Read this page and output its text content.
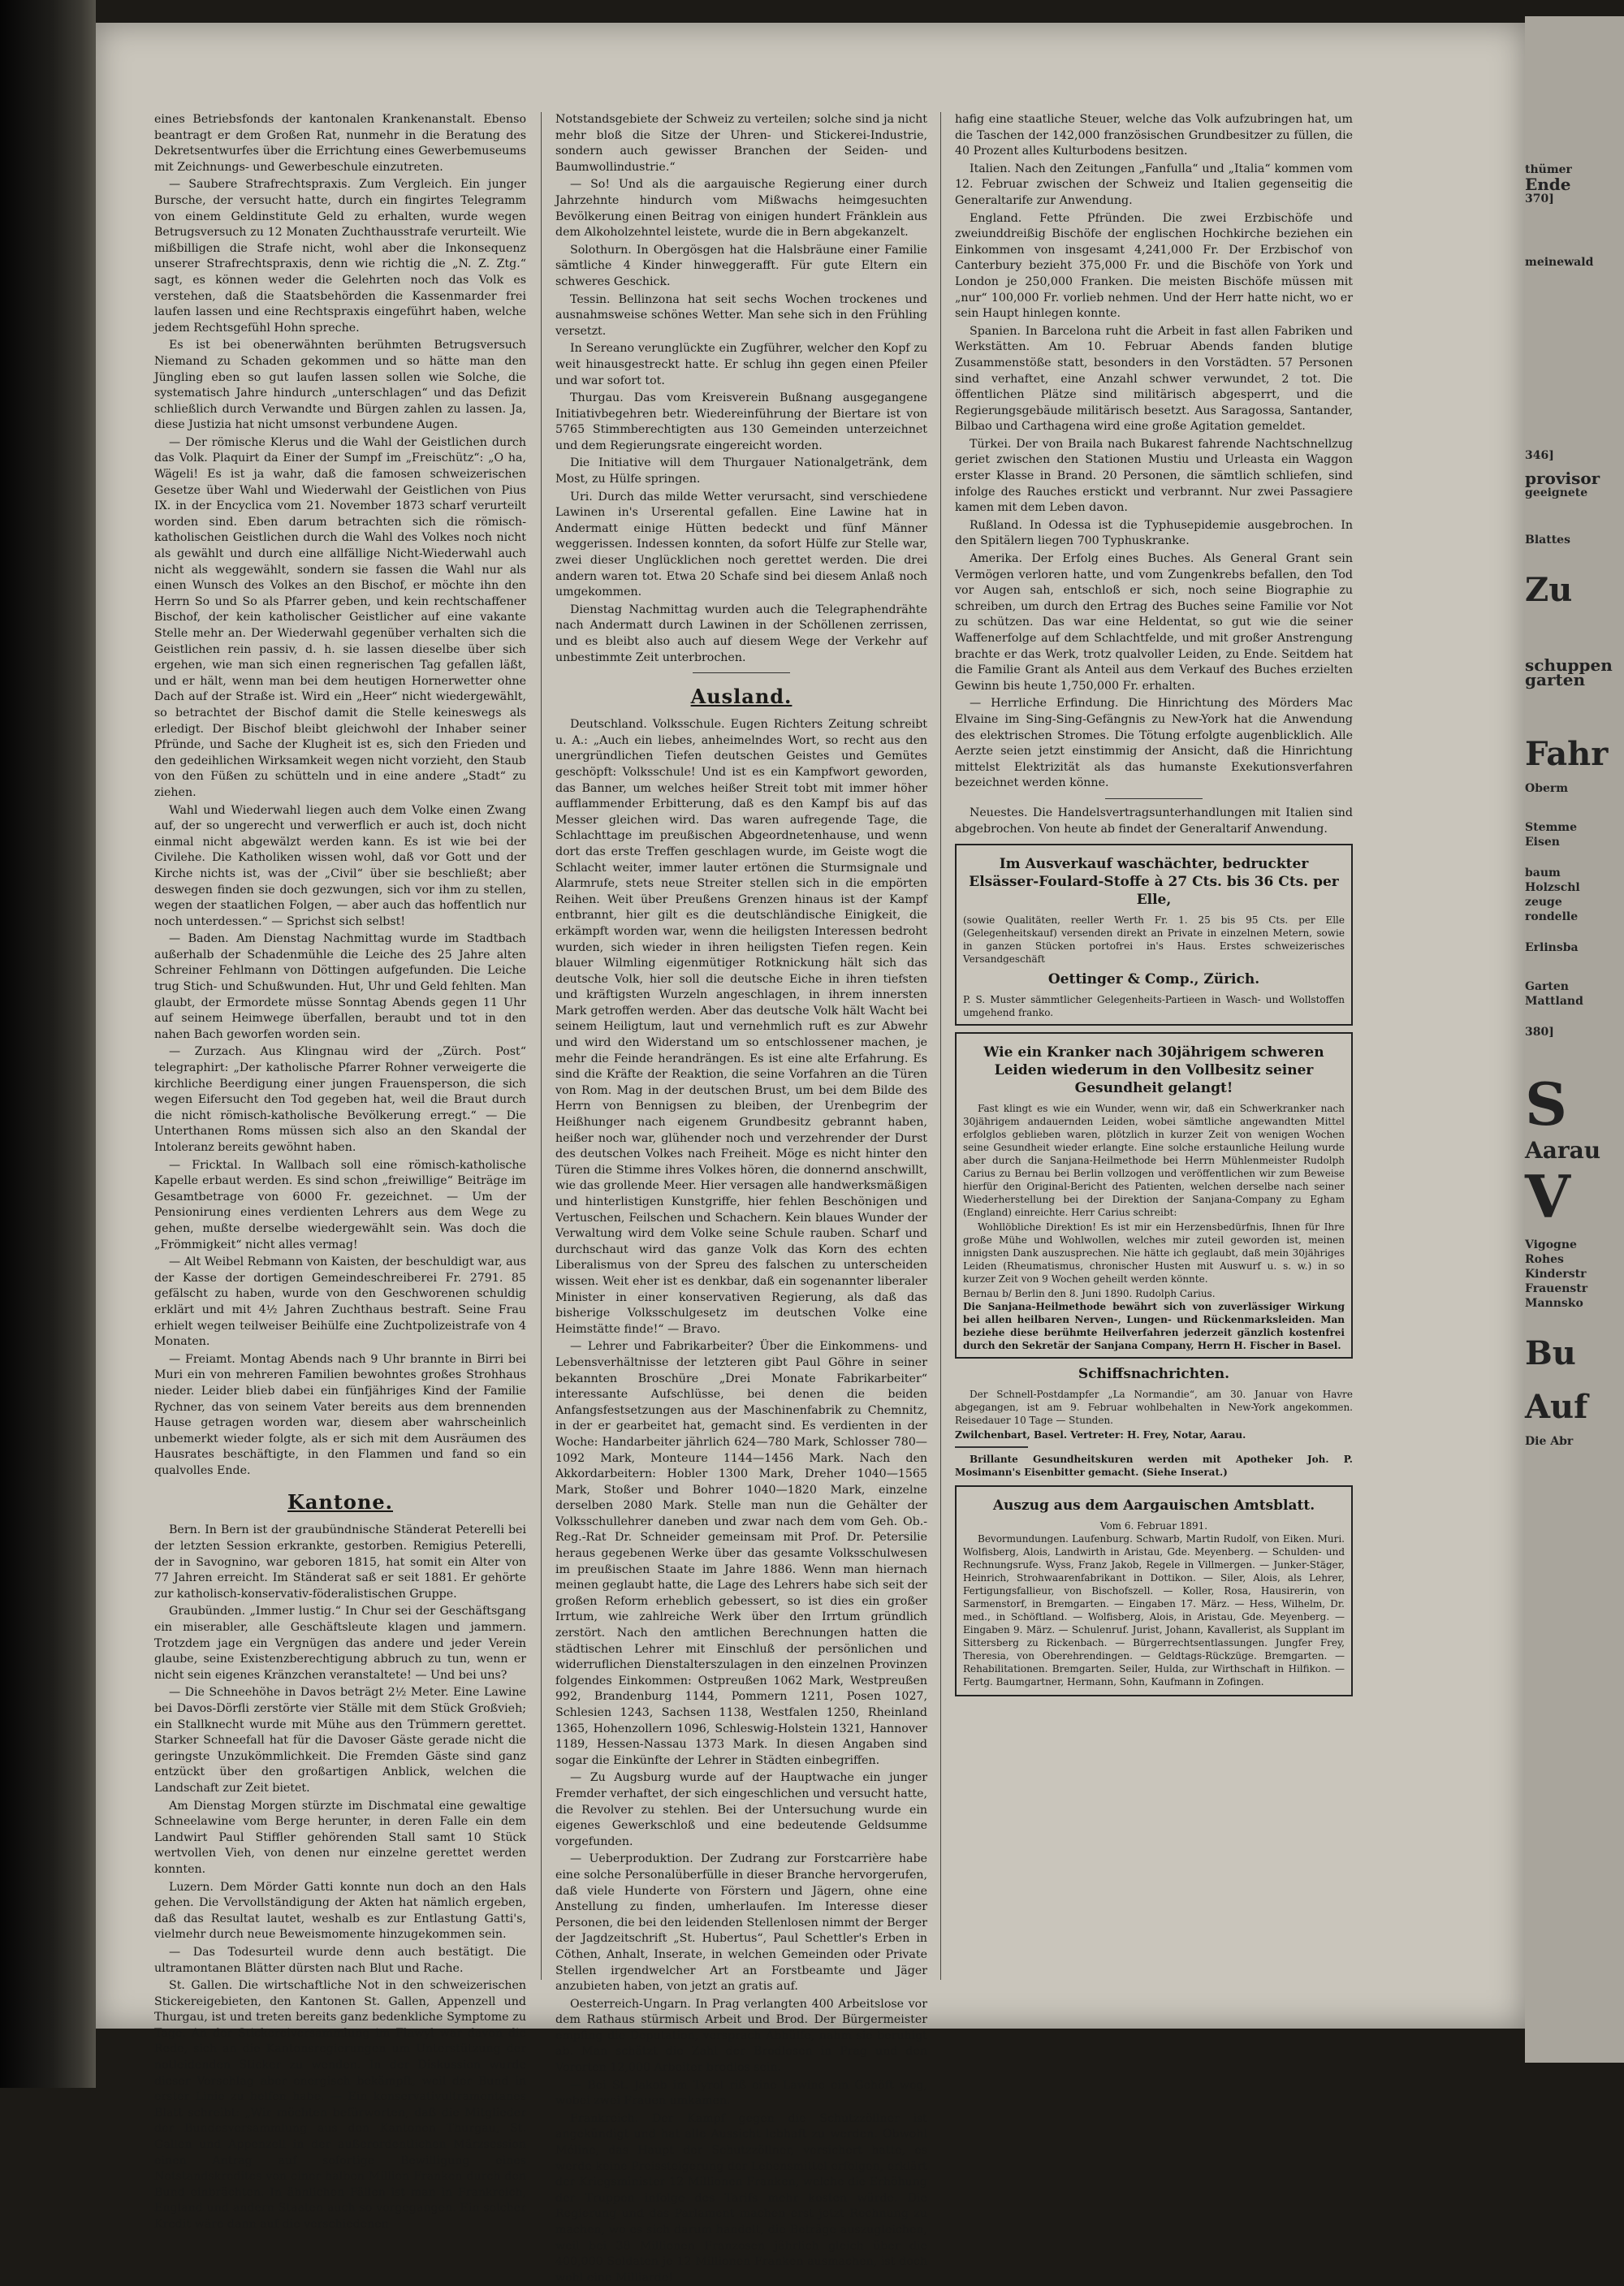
eines Betriebsfonds der kantonalen Krankenanstalt. Ebenso beantragt er dem Großen Rat, nunmehr in die Beratung des Dekretsentwurfes über die Errichtung eines Gewerbemuseums mit Zeichnungs- und Gewerbeschule einzutreten.

— Saubere Strafrechtspraxis. Zum Vergleich. Ein junger Bursche, der versucht hatte, durch ein fingirtes Telegramm von einem Geldinstitute Geld zu erhalten, wurde wegen Betrugsversuch zu 12 Monaten Zuchthausstrafe verurteilt. Wie mißbilligen die Strafe nicht, wohl aber die Inkonsequenz unserer Strafrechtspraxis, denn wie richtig die „N. Z. Ztg.“ sagt, es können weder die Gelehrten noch das Volk es verstehen, daß die Staatsbehörden die Kassenmarder frei laufen lassen und eine Rechtspraxis eingeführt haben, welche jedem Rechtsgefühl Hohn spreche.

Es ist bei obenerwähnten berühmten Betrugsversuch Niemand zu Schaden gekommen und so hätte man den Jüngling eben so gut laufen lassen sollen wie Solche, die systematisch Jahre hindurch „unterschlagen“ und das Defizit schließlich durch Verwandte und Bürgen zahlen zu lassen. Ja, diese Justizia hat nicht umsonst verbundene Augen.

— Der römische Klerus und die Wahl der Geistlichen durch das Volk. Plaquirt da Einer der Sumpf im „Freischütz“: „O ha, Wägeli! Es ist ja wahr, daß die famosen schweizerischen Gesetze über Wahl und Wiederwahl der Geistlichen von Pius IX. in der Encyclica vom 21. November 1873 scharf verurteilt worden sind. Eben darum betrachten sich die römisch-katholischen Geistlichen durch die Wahl des Volkes noch nicht als gewählt und durch eine allfällige Nicht-Wiederwahl auch nicht als weggewählt, sondern sie fassen die Wahl nur als einen Wunsch des Volkes an den Bischof, er möchte ihn den Herrn So und So als Pfarrer geben, und kein rechtschaffener Bischof, der kein katholischer Geistlicher auf eine vakante Stelle mehr an. Der Wiederwahl gegenüber verhalten sich die Geistlichen rein passiv, d. h. sie lassen dieselbe über sich ergehen, wie man sich einen regnerischen Tag gefallen läßt, und er hält, wenn man bei dem heutigen Hornerwetter ohne Dach auf der Straße ist. Wird ein „Heer“ nicht wiedergewählt, so betrachtet der Bischof damit die Stelle keineswegs als erledigt. Der Bischof bleibt gleichwohl der Inhaber seiner Pfründe, und Sache der Klugheit ist es, sich den Frieden und den gedeihlichen Wirksamkeit wegen nicht vorzieht, den Staub von den Füßen zu schütteln und in eine andere „Stadt“ zu ziehen.

Wahl und Wiederwahl liegen auch dem Volke einen Zwang auf, der so ungerecht und verwerflich er auch ist, doch nicht einmal nicht abgewälzt werden kann. Es ist wie bei der Civilehe. Die Katholiken wissen wohl, daß vor Gott und der Kirche nichts ist, was der „Civil“ über sie beschließt; aber deswegen finden sie doch gezwungen, sich vor ihm zu stellen, wegen der staatlichen Folgen, — aber auch das hoffentlich nur noch unterdessen.“ — Sprichst sich selbst!

— Baden. Am Dienstag Nachmittag wurde im Stadtbach außerhalb der Schadenmühle die Leiche des 25 Jahre alten Schreiner Fehlmann von Döttingen aufgefunden. Die Leiche trug Stich- und Schußwunden. Hut, Uhr und Geld fehlten. Man glaubt, der Ermordete müsse Sonntag Abends gegen 11 Uhr auf seinem Heimwege überfallen, beraubt und tot in den nahen Bach geworfen worden sein.

— Zurzach. Aus Klingnau wird der „Zürch. Post“ telegraphirt: „Der katholische Pfarrer Rohner verweigerte die kirchliche Beerdigung einer jungen Frauensperson, die sich wegen Eifersucht den Tod gegeben hat, weil die Braut durch die nicht römisch-katholische Bevölkerung erregt.“ — Die Unterthanen Roms müssen sich also an den Skandal der Intoleranz bereits gewöhnt haben.

— Fricktal. In Wallbach soll eine römisch-katholische Kapelle erbaut werden. Es sind schon „freiwillige“ Beiträge im Gesamtbetrage von 6000 Fr. gezeichnet. — Um der Pensionirung eines verdienten Lehrers aus dem Wege zu gehen, mußte derselbe wiedergewählt sein. Was doch die „Frömmigkeit“ nicht alles vermag!

— Alt Weibel Rebmann von Kaisten, der beschuldigt war, aus der Kasse der dortigen Gemeindeschreiberei Fr. 2791. 85 gefälscht zu haben, wurde von den Geschworenen schuldig erklärt und mit 4½ Jahren Zuchthaus bestraft. Seine Frau erhielt wegen teilweiser Beihülfe eine Zuchtpolizeistrafe von 4 Monaten.

— Freiamt. Montag Abends nach 9 Uhr brannte in Birri bei Muri ein von mehreren Familien bewohntes großes Strohhaus nieder. Leider blieb dabei ein fünfjähriges Kind der Familie Rychner, das von seinem Vater bereits aus dem brennenden Hause getragen worden war, diesem aber wahrscheinlich unbemerkt wieder folgte, als er sich mit dem Ausräumen des Hausrates beschäftigte, in den Flammen und fand so ein qualvolles Ende.

Kantone.

Bern. In Bern ist der graubündnische Ständerat Peterelli bei der letzten Session erkrankte, gestorben. Remigius Peterelli, der in Savognino, war geboren 1815, hat somit ein Alter von 77 Jahren erreicht. Im Ständerat saß er seit 1881. Er gehörte zur katholisch-konservativ-föderalistischen Gruppe.

Graubünden. „Immer lustig.“ In Chur sei der Geschäftsgang ein miserabler, alle Geschäftsleute klagen und jammern. Trotzdem jage ein Vergnügen das andere und jeder Verein glaube, seine Existenzberechtigung abbruch zu tun, wenn er nicht sein eigenes Kränzchen veranstaltete! — Und bei uns?

— Die Schneehöhe in Davos beträgt 2½ Meter. Eine Lawine bei Davos-Dörfli zerstörte vier Ställe mit dem Stück Großvieh; ein Stallknecht wurde mit Mühe aus den Trümmern gerettet. Starker Schneefall hat für die Davoser Gäste gerade nicht die geringste Unzukömmlichkeit. Die Fremden Gäste sind ganz entzückt über den großartigen Anblick, welchen die Landschaft zur Zeit bietet.

Am Dienstag Morgen stürzte im Dischmatal eine gewaltige Schneelawine vom Berge herunter, in deren Falle ein dem Landwirt Paul Stiffler gehörenden Stall samt 10 Stück wertvollen Vieh, von denen nur einzelne gerettet werden konnten.

Luzern. Dem Mörder Gatti konnte nun doch an den Hals gehen. Die Vervollständigung der Akten hat nämlich ergeben, daß das Resultat lautet, weshalb es zur Entlastung Gatti's, vielmehr durch neue Beweismomente hinzugekommen sein.

— Das Todesurteil wurde denn auch bestätigt. Die ultramontanen Blätter dürsten nach Blut und Rache.

St. Gallen. Die wirtschaftliche Not in den schweizerischen Stickereigebieten, den Kantonen St. Gallen, Appenzell und Thurgau, ist und treten bereits ganz bedenkliche Symptome zu Tage. An der Stickereiversammlung im Flawyl war davon die Rede, sich an die Kantonsregierungen um Unterstützung der notleidenden Sticker zu wenden. In der Diskussion wurde dieser Vorschlag aber energisch bekämpft, weil der Bund in erster Linie zu helfen habe. — Ein konservativultramontanes Blatt schreibt: „Wir möchten befürworten, daß die Mitglieder der Bundesversammlung aus den Kantonen Thurgau, St. Gallen und Appenzell in der außerordentlichen Märzsession einen Antrag auf sofortige Bewilligung eines Notstandskredites von einer halben Million Franken durch den Bund einbrächten. In ähnlichen Fällen ist man in Frankreich, England und andern Staaten auch so vorgegangen. Ein solcher Kredit wäre dann auf die verschiedenen

Notstandsgebiete der Schweiz zu verteilen; solche sind ja nicht mehr bloß die Sitze der Uhren- und Stickerei-Industrie, sondern auch gewisser Branchen der Seiden- und Baumwollindustrie.“

— So! Und als die aargauische Regierung einer durch Jahrzehnte hindurch vom Mißwachs heimgesuchten Bevölkerung einen Beitrag von einigen hundert Fränklein aus dem Alkoholzehntel leistete, wurde die in Bern abgekanzelt.

Solothurn. In Obergösgen hat die Halsbräune einer Familie sämtliche 4 Kinder hinweggerafft. Für gute Eltern ein schweres Geschick.

Tessin. Bellinzona hat seit sechs Wochen trockenes und ausnahmsweise schönes Wetter. Man sehe sich in den Frühling versetzt.

In Sereano verunglückte ein Zugführer, welcher den Kopf zu weit hinausgestreckt hatte. Er schlug ihn gegen einen Pfeiler und war sofort tot.

Thurgau. Das vom Kreisverein Bußnang ausgegangene Initiativbegehren betr. Wiedereinführung der Biertare ist von 5765 Stimmberechtigten aus 130 Gemeinden unterzeichnet und dem Regierungsrate eingereicht worden.

Die Initiative will dem Thurgauer Nationalgetränk, dem Most, zu Hülfe springen.

Uri. Durch das milde Wetter verursacht, sind verschiedene Lawinen in's Urserental gefallen. Eine Lawine hat in Andermatt einige Hütten bedeckt und fünf Männer weggerissen. Indessen konnten, da sofort Hülfe zur Stelle war, zwei dieser Unglücklichen noch gerettet werden. Die drei andern waren tot. Etwa 20 Schafe sind bei diesem Anlaß noch umgekommen.

Dienstag Nachmittag wurden auch die Telegraphendrähte nach Andermatt durch Lawinen in der Schöllenen zerrissen, und es bleibt also auch auf diesem Wege der Verkehr auf unbestimmte Zeit unterbrochen.

Ausland.

Deutschland. Volksschule. Eugen Richters Zeitung schreibt u. A.: „Auch ein liebes, anheimelndes Wort, so recht aus den unergründlichen Tiefen deutschen Geistes und Gemütes geschöpft: Volksschule! Und ist es ein Kampfwort geworden, das Banner, um welches heißer Streit tobt mit immer höher aufflammender Erbitterung, daß es den Kampf bis auf das Messer gleichen wird. Das waren aufregende Tage, die Schlachttage im preußischen Abgeordnetenhause, und wenn dort das erste Treffen geschlagen wurde, im Geiste wogt die Schlacht weiter, immer lauter ertönen die Sturmsignale und Alarmrufe, stets neue Streiter stellen sich in die empörten Reihen. Weit über Preußens Grenzen hinaus ist der Kampf entbrannt, hier gilt es die deutschländische Einigkeit, die erkämpft worden war, wenn die heiligsten Interessen bedroht wurden, sich wieder in ihren heiligsten Tiefen regen. Kein blauer Wilmling eigenmütiger Rotknickung hält sich das deutsche Volk, hier soll die deutsche Eiche in ihren tiefsten und kräftigsten Wurzeln angeschlagen, in ihrem innersten Mark getroffen werden. Aber das deutsche Volk hält Wacht bei seinem Heiligtum, laut und vernehmlich ruft es zur Abwehr und wird den Widerstand um so entschlossener machen, je mehr die Feinde herandrängen. Es ist eine alte Erfahrung. Es sind die Kräfte der Reaktion, die seine Vorfahren an die Türen von Rom. Mag in der deutschen Brust, um bei dem Bilde des Herrn von Bennigsen zu bleiben, der Urenbegrim der Heißhunger nach eigenem Grundbesitz gebrannt haben, heißer noch war, glühender noch und verzehrender der Durst des deutschen Volkes nach Freiheit. Möge es nicht hinter den Türen die Stimme ihres Volkes hören, die donnernd anschwillt, wie das grollende Meer. Hier versagen alle handwerksmäßigen und hinterlistigen Kunstgriffe, hier fehlen Beschönigen und Vertuschen, Feilschen und Schachern. Kein blaues Wunder der Verwaltung wird dem Volke seine Schule rauben. Scharf und durchschaut wird das ganze Volk das Korn des echten Liberalismus von der Spreu des falschen zu unterscheiden wissen. Weit eher ist es denkbar, daß ein sogenannter liberaler Minister in einer konservativen Regierung, als daß das bisherige Volksschulgesetz im deutschen Volke eine Heimstätte finde!“ — Bravo.

— Lehrer und Fabrikarbeiter? Über die Einkommens- und Lebensverhältnisse der letzteren gibt Paul Göhre in seiner bekannten Broschüre „Drei Monate Fabrikarbeiter“ interessante Aufschlüsse, bei denen die beiden Anfangsfestsetzungen aus der Maschinenfabrik zu Chemnitz, in der er gearbeitet hat, gemacht sind. Es verdienten in der Woche: Handarbeiter jährlich 624—780 Mark, Schlosser 780—1092 Mark, Monteure 1144—1456 Mark. Nach den Akkordarbeitern: Hobler 1300 Mark, Dreher 1040—1565 Mark, Stoßer und Bohrer 1040—1820 Mark, einzelne derselben 2080 Mark. Stelle man nun die Gehälter der Volksschullehrer daneben und zwar nach dem vom Geh. Ob.-Reg.-Rat Dr. Schneider gemeinsam mit Prof. Dr. Petersilie heraus gegebenen Werke über das gesamte Volksschulwesen im preußischen Staate im Jahre 1886. Wenn man hiernach meinen geglaubt hatte, die Lage des Lehrers habe sich seit der großen Reform erheblich gebessert, so ist dies ein großer Irrtum, wie zahlreiche Werk über den Irrtum gründlich zerstört. Nach den amtlichen Berechnungen hatten die städtischen Lehrer mit Einschluß der persönlichen und widerruflichen Dienstalterszulagen in den einzelnen Provinzen folgendes Einkommen: Ostpreußen 1062 Mark, Westpreußen 992, Brandenburg 1144, Pommern 1211, Posen 1027, Schlesien 1243, Sachsen 1138, Westfalen 1250, Rheinland 1365, Hohenzollern 1096, Schleswig-Holstein 1321, Hannover 1189, Hessen-Nassau 1373 Mark. In diesen Angaben sind sogar die Einkünfte der Lehrer in Städten einbegriffen.

— Zu Augsburg wurde auf der Hauptwache ein junger Fremder verhaftet, der sich eingeschlichen und versucht hatte, die Revolver zu stehlen. Bei der Untersuchung wurde ein eigenes Gewerkschloß und eine bedeutende Geldsumme vorgefunden.

— Ueberproduktion. Der Zudrang zur Forstcarrière habe eine solche Personalüberfülle in dieser Branche hervorgerufen, daß viele Hunderte von Förstern und Jägern, ohne eine Anstellung zu finden, umherlaufen. Im Interesse dieser Personen, die bei den leidenden Stellenlosen nimmt der Berger der Jagdzeitschrift „St. Hubertus“, Paul Schettler's Erben in Cöthen, Anhalt, Inserate, in welchen Gemeinden oder Private Stellen irgendwelcher Art an Forstbeamte und Jäger anzubieten haben, von jetzt an gratis auf.

Oesterreich-Ungarn. In Prag verlangten 400 Arbeitslose vor dem Rathaus stürmisch Arbeit und Brod. Der Bürgermeister empfing die Deputation, versprach Abhülfe, nahm sie beruhigt ab. Man schätzt die Zahl der Brodlosen in Prag und den Vororten 12,000 Arbeiter brodlos sein.

— Bei St. Jakob im Tyrol riß eine Lawine ein Gehöft weg, wobei zwei Frauen umkamen.

Frankreich. Der Kampf gegen die Schutzzöllner ist angekündigt und hat alle Aussicht lebhaft zu werden. Obwohl Méline, das Haupt der Schutzzöllner, versichert hatte, es werde keine Preissteigerung der Lebensmittel erfolgen, erklärt der Kriegsminister 12 Millionen Franken, welche die Erhöhung der Truppen infolge des Tarifs mehr kosten würde. Die Regierung und das Parlament machen erst jetzt Rechnung zu machen, wo es sich darum handelt, die Beträge auszugleichen, weil bei 38 Millionen Franzosen jährlich gleich über die 400,000 Soldaten je 12 Millionen Franken ausmachen, ist doch wohl eine Milliarde!

hafig eine staatliche Steuer, welche das Volk aufzubringen hat, um die Taschen der 142,000 französischen Grundbesitzer zu füllen, die 40 Prozent alles Kulturbodens besitzen.

Italien. Nach den Zeitungen „Fanfulla“ und „Italia“ kommen vom 12. Februar zwischen der Schweiz und Italien gegenseitig die Generaltarife zur Anwendung.

England. Fette Pfründen. Die zwei Erzbischöfe und zweiunddreißig Bischöfe der englischen Hochkirche beziehen ein Einkommen von insgesamt 4,241,000 Fr. Der Erzbischof von Canterbury bezieht 375,000 Fr. und die Bischöfe von York und London je 250,000 Franken. Die meisten Bischöfe müssen mit „nur“ 100,000 Fr. vorlieb nehmen. Und der Herr hatte nicht, wo er sein Haupt hinlegen konnte.

Spanien. In Barcelona ruht die Arbeit in fast allen Fabriken und Werkstätten. Am 10. Februar Abends fanden blutige Zusammenstöße statt, besonders in den Vorstädten. 57 Personen sind verhaftet, eine Anzahl schwer verwundet, 2 tot. Die öffentlichen Plätze sind militärisch abgesperrt, und die Regierungsgebäude militärisch besetzt. Aus Saragossa, Santander, Bilbao und Carthagena wird eine große Agitation gemeldet.

Türkei. Der von Braila nach Bukarest fahrende Nachtschnellzug geriet zwischen den Stationen Mustiu und Urleasta ein Waggon erster Klasse in Brand. 20 Personen, die sämtlich schliefen, sind infolge des Rauches erstickt und verbrannt. Nur zwei Passagiere kamen mit dem Leben davon.

Rußland. In Odessa ist die Typhusepidemie ausgebrochen. In den Spitälern liegen 700 Typhuskranke.

Amerika. Der Erfolg eines Buches. Als General Grant sein Vermögen verloren hatte, und vom Zungenkrebs befallen, den Tod vor Augen sah, entschloß er sich, noch seine Biographie zu schreiben, um durch den Ertrag des Buches seine Familie vor Not zu schützen. Das war eine Heldentat, so gut wie die seiner Waffenerfolge auf dem Schlachtfelde, und mit großer Anstrengung brachte er das Werk, trotz qualvoller Leiden, zu Ende. Seitdem hat die Familie Grant als Anteil aus dem Verkauf des Buches erzielten Gewinn bis heute 1,750,000 Fr. erhalten.

— Herrliche Erfindung. Die Hinrichtung des Mörders Mac Elvaine im Sing-Sing-Gefängnis zu New-York hat die Anwendung des elektrischen Stromes. Die Tötung erfolgte augenblicklich. Alle Aerzte seien jetzt einstimmig der Ansicht, daß die Hinrichtung mittelst Elektrizität als das humanste Exekutionsverfahren bezeichnet werden könne.

Neuestes. Die Handelsvertragsunterhandlungen mit Italien sind abgebrochen. Von heute ab findet der Generaltarif Anwendung.

Im Ausverkauf waschächter, bedruckter Elsässer-Foulard-Stoffe à 27 Cts. bis 36 Cts. per Elle,
(sowie Qualitäten, reeller Werth Fr. 1. 25 bis 95 Cts. per Elle (Gelegenheitskauf) versenden direkt an Private in einzelnen Metern, sowie in ganzen Stücken portofrei in's Haus. Erstes schweizerisches Versandgeschäft
Oettinger & Comp., Zürich.
P. S. Muster sämmtlicher Gelegenheits-Partieen in Wasch- und Wollstoffen umgehend franko.
Wie ein Kranker nach 30jährigem schweren Leiden wiederum in den Vollbesitz seiner Gesundheit gelangt!

Fast klingt es wie ein Wunder, wenn wir, daß ein Schwerkranker nach 30jährigem andauernden Leiden, wobei sämtliche angewandten Mittel erfolglos geblieben waren, plötzlich in kurzer Zeit von wenigen Wochen seine Gesundheit wieder erlangte. Eine solche erstaunliche Heilung wurde aber durch die Sanjana-Heilmethode bei Herrn Mühlenmeister Rudolph Carius zu Bernau bei Berlin vollzogen und veröffentlichen wir zum Beweise hierfür den Original-Bericht des Patienten, welchen derselbe nach seiner Wiederherstellung bei der Direktion der Sanjana-Company zu Egham (England) einreichte. Herr Carius schreibt:

Wohllöbliche Direktion! Es ist mir ein Herzensbedürfnis, Ihnen für Ihre große Mühe und Wohlwollen, welches mir zuteil geworden ist, meinen innigsten Dank auszusprechen. Nie hätte ich geglaubt, daß mein 30jähriges Leiden (Rheumatismus, chronischer Husten mit Auswurf u. s. w.) in so kurzer Zeit von 9 Wochen geheilt werden könnte.

Bernau b/ Berlin den 8. Juni 1890. Rudolph Carius.
Die Sanjana-Heilmethode bewährt sich von zuverlässiger Wirkung bei allen heilbaren Nerven-, Lungen- und Rückenmarksleiden. Man beziehe diese berühmte Heilverfahren jederzeit gänzlich kostenfrei durch den Sekretär der Sanjana Company, Herrn H. Fischer in Basel.
Schiffsnachrichten.

Der Schnell-Postdampfer „La Normandie“, am 30. Januar von Havre abgegangen, ist am 9. Februar wohlbehalten in New-York angekommen. Reisedauer 10 Tage — Stunden.

Zwilchenbart, Basel. Vertreter: H. Frey, Notar, Aarau.

Brillante Gesundheitskuren werden mit Apotheker Joh. P. Mosimann's Eisenbitter gemacht. (Siehe Inserat.)

Auszug aus dem Aargauischen Amtsblatt.
Vom 6. Februar 1891.

Bevormundungen. Laufenburg. Schwarb, Martin Rudolf, von Eiken. Muri. Wolfisberg, Alois, Landwirth in Aristau, Gde. Meyenberg. — Schulden- und Rechnungsrufe. Wyss, Franz Jakob, Regele in Villmergen. — Junker-Stäger, Heinrich, Strohwaarenfabrikant in Dottikon. — Siler, Alois, als Lehrer, Fertigungsfallieur, von Bischofszell. — Koller, Rosa, Hausirerin, von Sarmenstorf, in Bremgarten. — Eingaben 17. März. — Hess, Wilhelm, Dr. med., in Schöftland. — Wolfisberg, Alois, in Aristau, Gde. Meyenberg. — Eingaben 9. März. — Schulenruf. Jurist, Johann, Kavallerist, als Supplant im Sittersberg zu Rickenbach. — Bürgerrechtsentlassungen. Jungfer Frey, Theresia, von Oberehrendingen. — Geldtags-Rückzüge. Bremgarten. — Rehabilitationen. Bremgarten. Seiler, Hulda, zur Wirthschaft in Hilfikon. — Fertg. Baumgartner, Hermann, Sohn, Kaufmann in Zofingen.

thümer
Ende
370]
meinewald
346]
provisor
geeignete
Blattes
Zu
schuppen
garten
Fahr
Oberm
Stemme
Eisen
baum
Holzschl
zeuge
rondelle
Erlinsba
Garten
Mattland
380]
S
Aarau
V
Vigogne
Rohes
Kinderstr
Frauenstr
Mannsko
Bu
Auf
Die Abr
